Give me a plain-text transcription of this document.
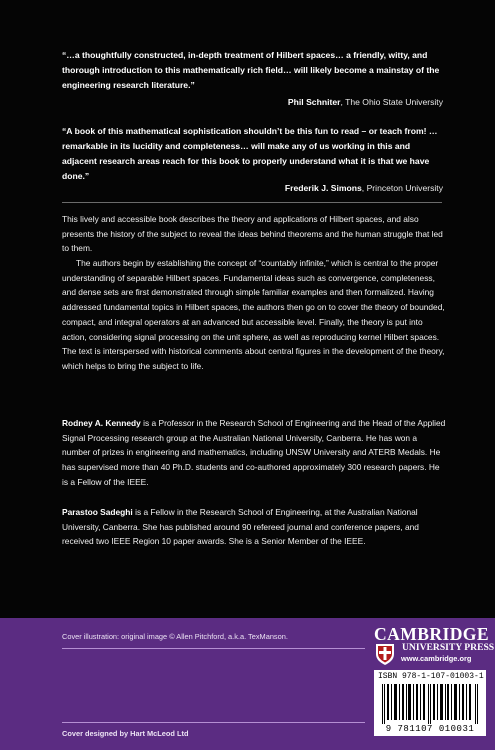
“…a thoughtfully constructed, in-depth treatment of Hilbert spaces… a friendly, witty, and thorough introduction to this mathematically rich field… will likely become a mainstay of the engineering research literature.”
Phil Schniter, The Ohio State University
“A book of this mathematical sophistication shouldn’t be this fun to read – or teach from! …remarkable in its lucidity and completeness… will make any of us working in this and adjacent research areas reach for this book to properly understand what it is that we have done.”
Frederik J. Simons, Princeton University

This lively and accessible book describes the theory and applications of Hilbert spaces, and also presents the history of the subject to reveal the ideas behind theorems and the human struggle that led to them.

The authors begin by establishing the concept of “countably infinite,” which is central to the proper understanding of separable Hilbert spaces. Fundamental ideas such as convergence, completeness, and dense sets are first demonstrated through simple familiar examples and then formalized. Having addressed fundamental topics in Hilbert spaces, the authors then go on to cover the theory of bounded, compact, and integral operators at an advanced but accessible level. Finally, the theory is put into action, considering signal processing on the unit sphere, as well as reproducing kernel Hilbert spaces. The text is interspersed with historical comments about central figures in the development of the theory, which helps to bring the subject to life.

Rodney A. Kennedy is a Professor in the Research School of Engineering and the Head of the Applied Signal Processing research group at the Australian National University, Canberra. He has won a number of prizes in engineering and mathematics, including UNSW University and ATERB Medals. He has supervised more than 40 Ph.D. students and co-authored approximately 300 research papers. He is a Fellow of the IEEE.

Parastoo Sadeghi is a Fellow in the Research School of Engineering, at the Australian National University, Canberra. She has published around 90 refereed journal and conference papers, and received two IEEE Region 10 paper awards. She is a Senior Member of the IEEE.

Cover illustration: original image © Allen Pitchford, a.k.a. TexManson.
Cover designed by Hart McLeod Ltd
CAMBRIDGE
UNIVERSITY PRESS
www.cambridge.org
ISBN 978-1-107-01003-1
9 781107 010031
